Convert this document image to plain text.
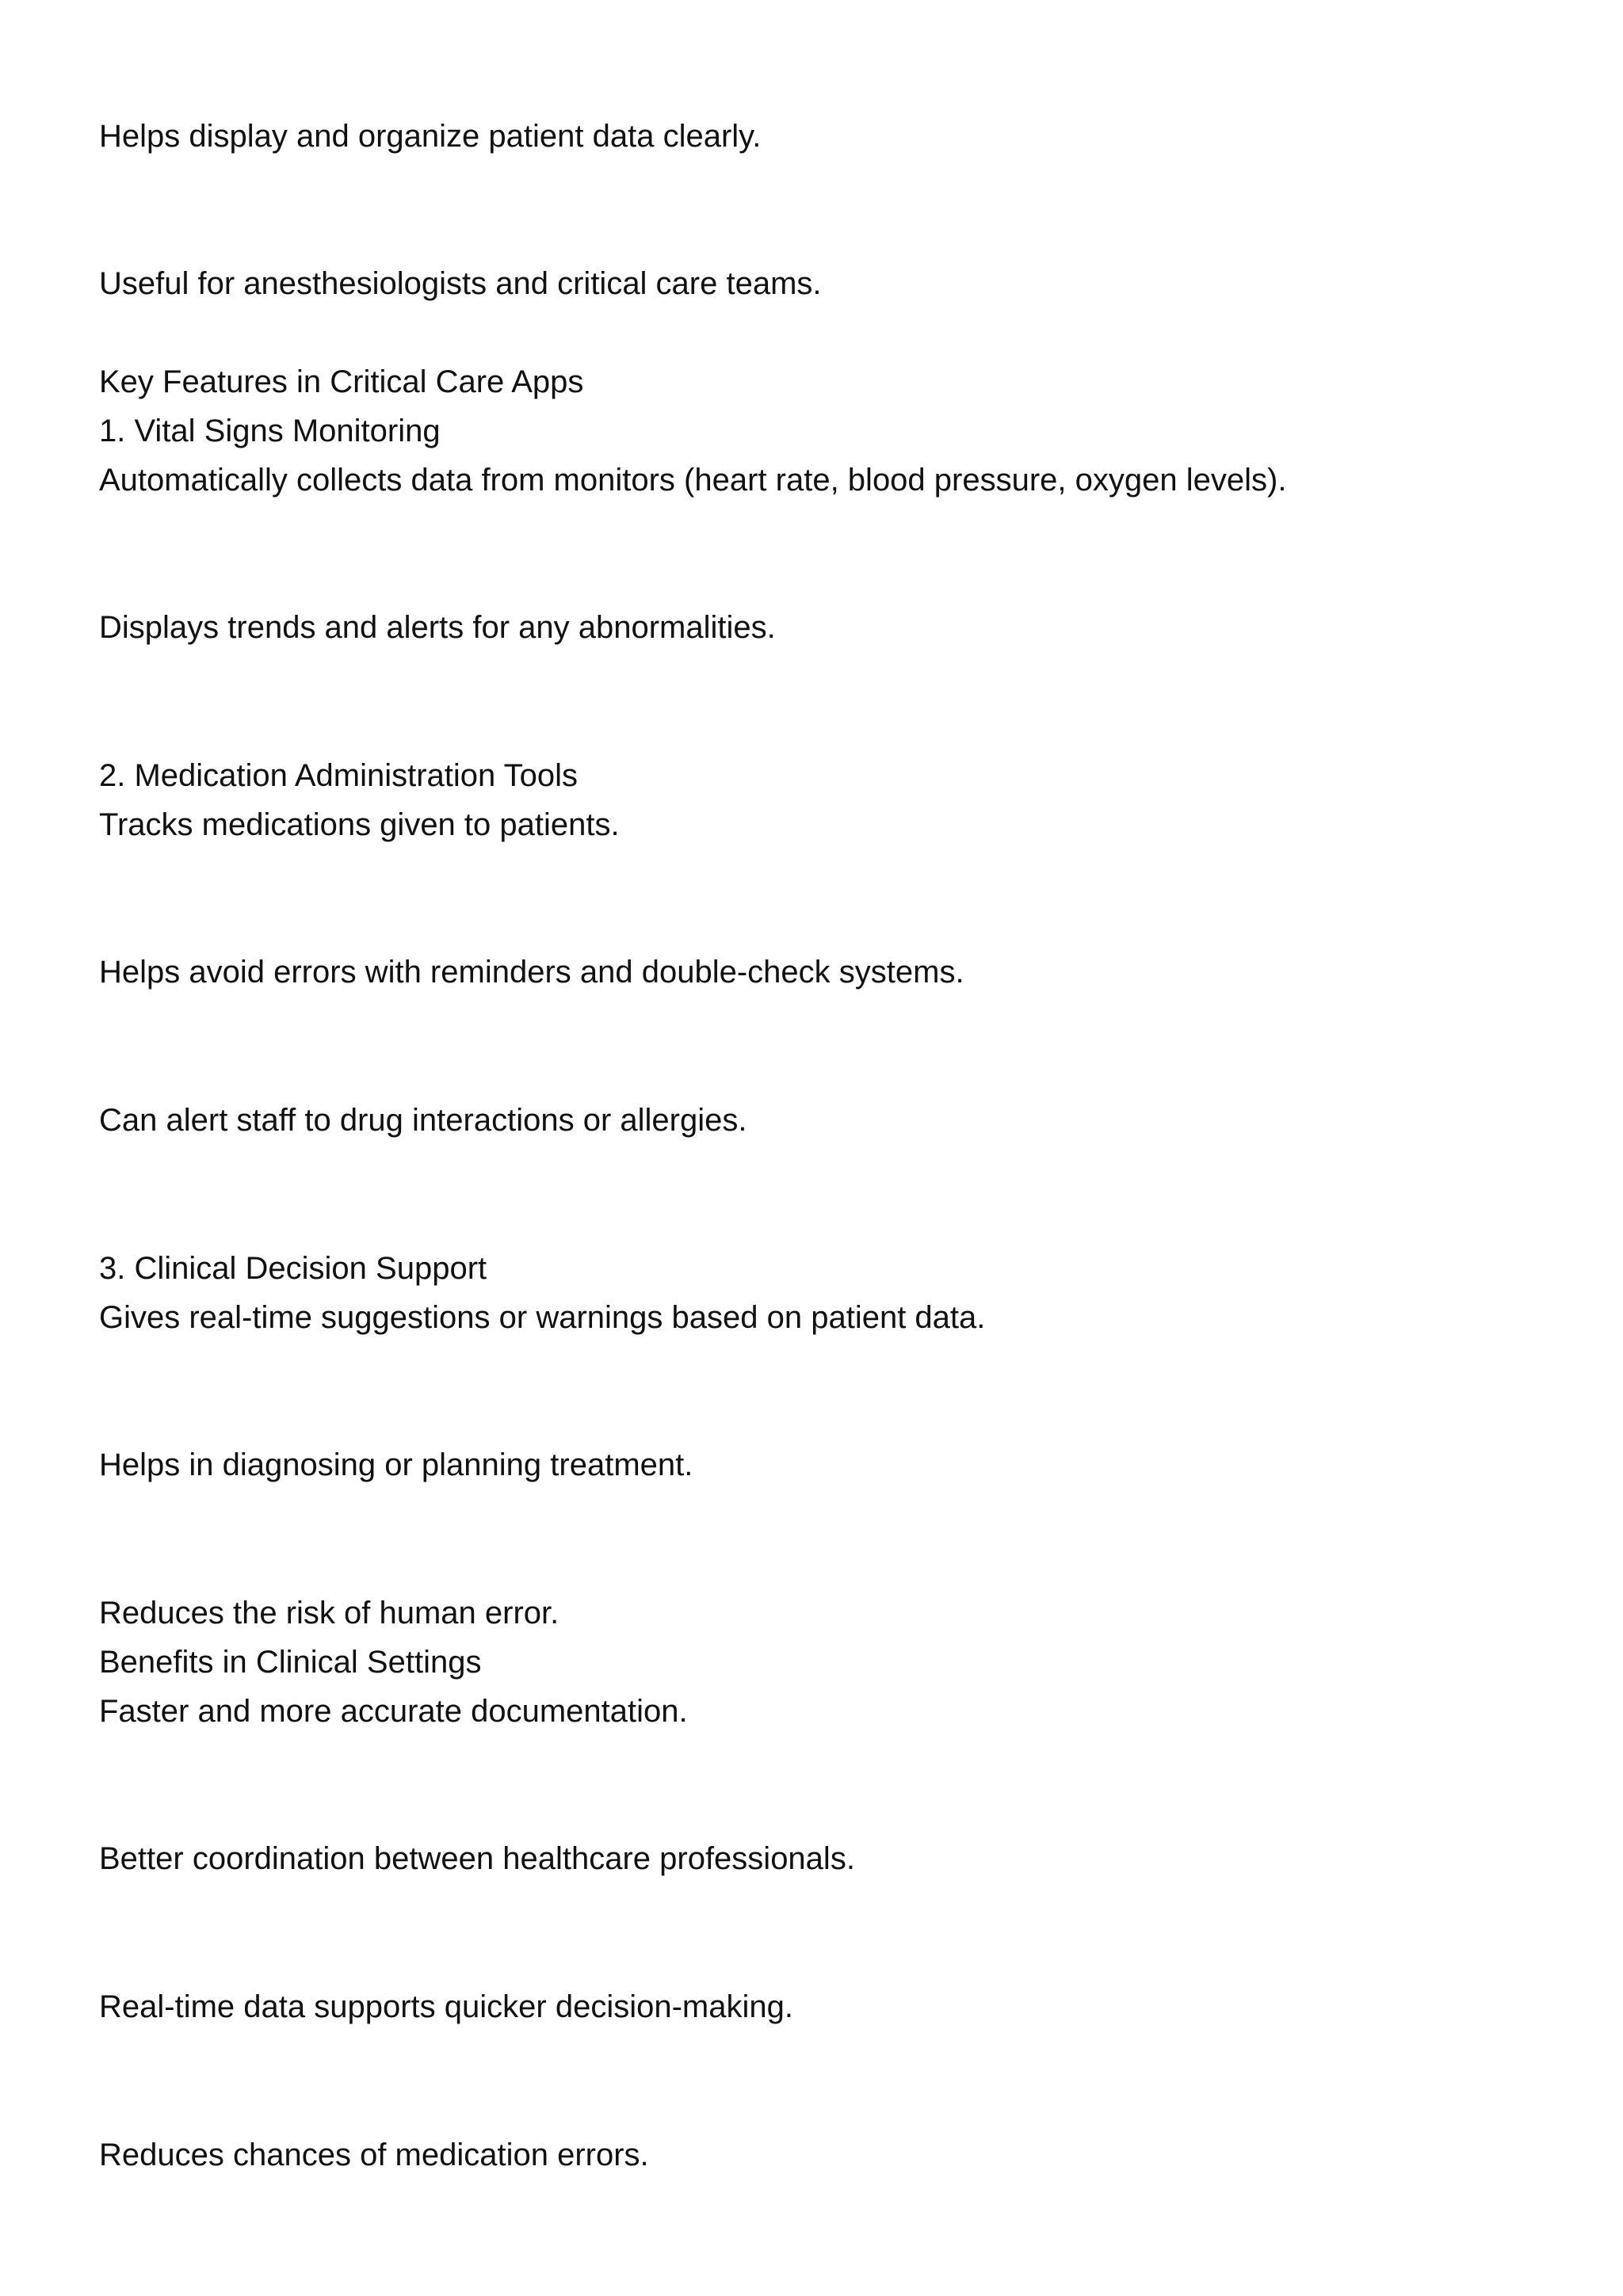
Helps display and organize patient data clearly.

Useful for anesthesiologists and critical care teams.

Key Features in Critical Care Apps

1. Vital Signs Monitoring

Automatically collects data from monitors (heart rate, blood pressure, oxygen levels).

Displays trends and alerts for any abnormalities.

2. Medication Administration Tools

Tracks medications given to patients.

Helps avoid errors with reminders and double-check systems.

Can alert staff to drug interactions or allergies.

3. Clinical Decision Support

Gives real-time suggestions or warnings based on patient data.

Helps in diagnosing or planning treatment.

Reduces the risk of human error.

Benefits in Clinical Settings

Faster and more accurate documentation.

Better coordination between healthcare professionals.

Real-time data supports quicker decision-making.

Reduces chances of medication errors.
